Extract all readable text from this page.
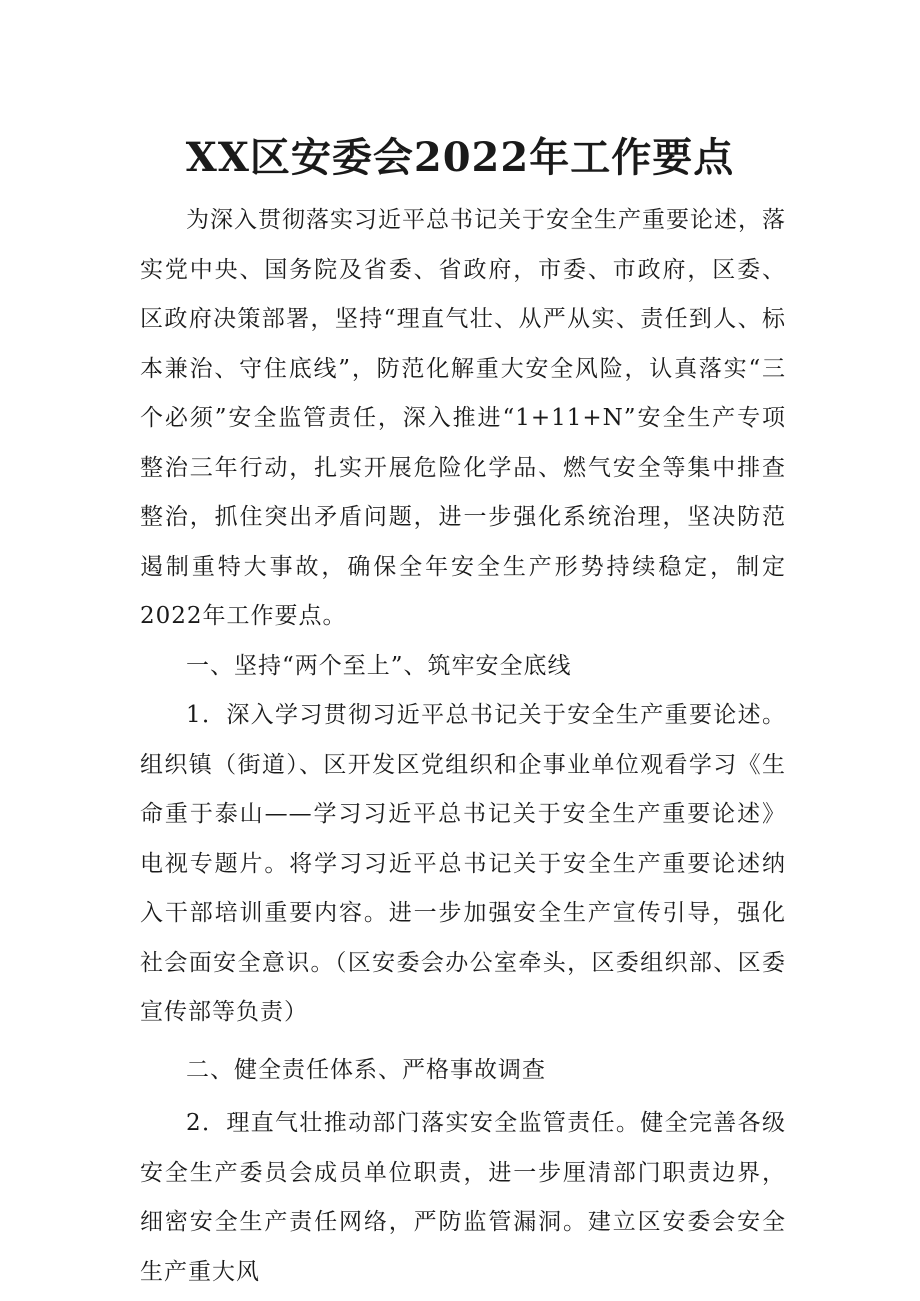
XX区安委会2022年工作要点

为深入贯彻落实习近平总书记关于安全生产重要论述，落实党中央、国务院及省委、省政府，市委、市政府，区委、区政府决策部署，坚持“理直气壮、从严从实、责任到人、标本兼治、守住底线”，防范化解重大安全风险，认真落实“三个必须”安全监管责任，深入推进“1+11+N”安全生产专项整治三年行动，扎实开展危险化学品、燃气安全等集中排查整治，抓住突出矛盾问题，进一步强化系统治理，坚决防范遏制重特大事故，确保全年安全生产形势持续稳定，制定2022年工作要点。

一、坚持“两个至上”、筑牢安全底线

1．深入学习贯彻习近平总书记关于安全生产重要论述。组织镇（街道）、区开发区党组织和企事业单位观看学习《生命重于泰山——学习习近平总书记关于安全生产重要论述》电视专题片。将学习习近平总书记关于安全生产重要论述纳入干部培训重要内容。进一步加强安全生产宣传引导，强化社会面安全意识。（区安委会办公室牵头，区委组织部、区委宣传部等负责）

二、健全责任体系、严格事故调查

2．理直气壮推动部门落实安全监管责任。健全完善各级安全生产委员会成员单位职责，进一步厘清部门职责边界，细密安全生产责任网络，严防监管漏洞。建立区安委会安全生产重大风
